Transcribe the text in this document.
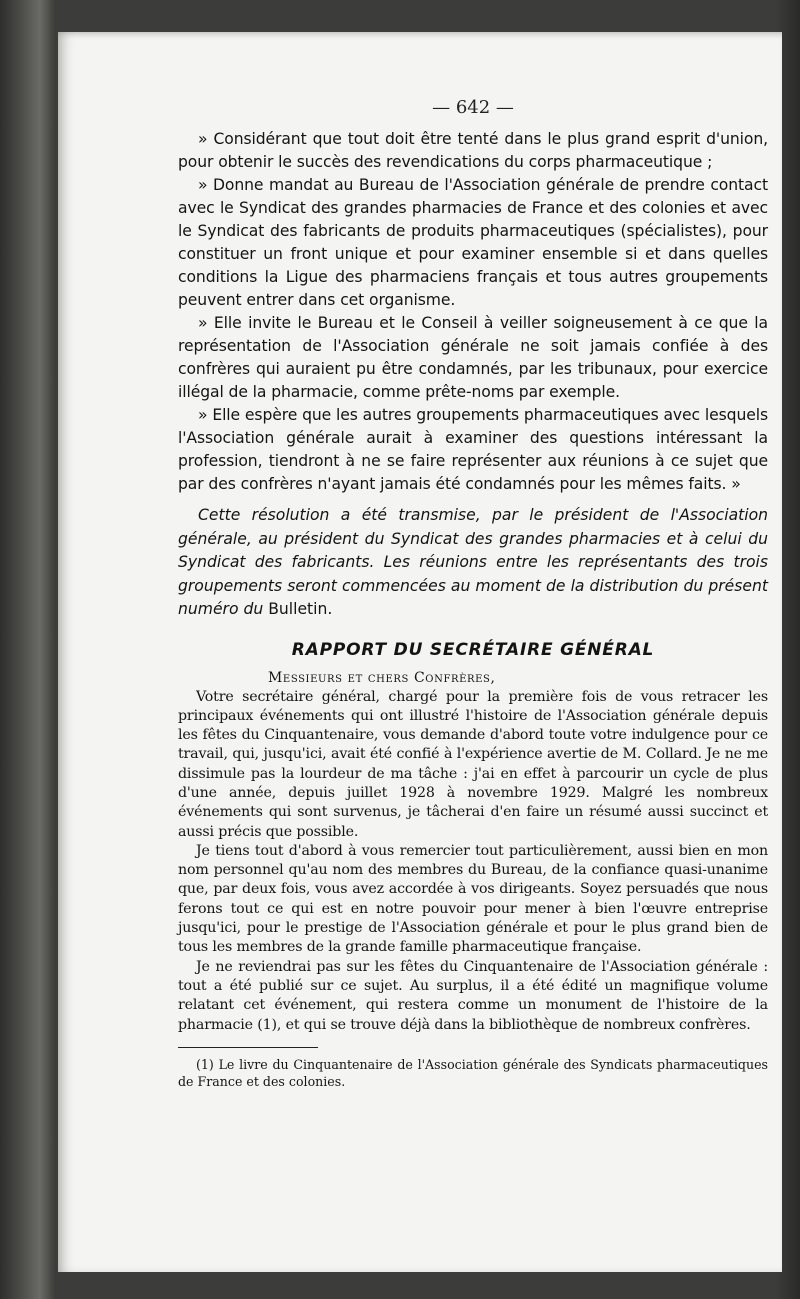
— 642 —

» Considérant que tout doit être tenté dans le plus grand esprit d'union, pour obtenir le succès des revendications du corps pharmaceutique ;

» Donne mandat au Bureau de l'Association générale de prendre contact avec le Syndicat des grandes pharmacies de France et des colonies et avec le Syndicat des fabricants de produits pharmaceutiques (spécialistes), pour constituer un front unique et pour examiner ensemble si et dans quelles conditions la Ligue des pharmaciens français et tous autres groupements peuvent entrer dans cet organisme.

» Elle invite le Bureau et le Conseil à veiller soigneusement à ce que la représentation de l'Association générale ne soit jamais confiée à des confrères qui auraient pu être condamnés, par les tribunaux, pour exercice illégal de la pharmacie, comme prête-noms par exemple.

» Elle espère que les autres groupements pharmaceutiques avec lesquels l'Association générale aurait à examiner des questions intéressant la profession, tiendront à ne se faire représenter aux réunions à ce sujet que par des confrères n'ayant jamais été condamnés pour les mêmes faits. »

Cette résolution a été transmise, par le président de l'Association générale, au président du Syndicat des grandes pharmacies et à celui du Syndicat des fabricants. Les réunions entre les représentants des trois groupements seront commencées au moment de la distribution du présent numéro du Bulletin.

RAPPORT DU SECRÉTAIRE GÉNÉRAL
Messieurs et chers Confrères,

Votre secrétaire général, chargé pour la première fois de vous retracer les principaux événements qui ont illustré l'histoire de l'Association générale depuis les fêtes du Cinquantenaire, vous demande d'abord toute votre indulgence pour ce travail, qui, jusqu'ici, avait été confié à l'expérience avertie de M. Collard. Je ne me dissimule pas la lourdeur de ma tâche : j'ai en effet à parcourir un cycle de plus d'une année, depuis juillet 1928 à novembre 1929. Malgré les nombreux événements qui sont survenus, je tâcherai d'en faire un résumé aussi succinct et aussi précis que possible.

Je tiens tout d'abord à vous remercier tout particulièrement, aussi bien en mon nom personnel qu'au nom des membres du Bureau, de la confiance quasi-unanime que, par deux fois, vous avez accordée à vos dirigeants. Soyez persuadés que nous ferons tout ce qui est en notre pouvoir pour mener à bien l'œuvre entreprise jusqu'ici, pour le prestige de l'Association générale et pour le plus grand bien de tous les membres de la grande famille pharmaceutique française.

Je ne reviendrai pas sur les fêtes du Cinquantenaire de l'Association générale : tout a été publié sur ce sujet. Au surplus, il a été édité un magnifique volume relatant cet événement, qui restera comme un monument de l'histoire de la pharmacie (1), et qui se trouve déjà dans la bibliothèque de nombreux confrères.

(1) Le livre du Cinquantenaire de l'Association générale des Syndicats pharmaceutiques de France et des colonies.
